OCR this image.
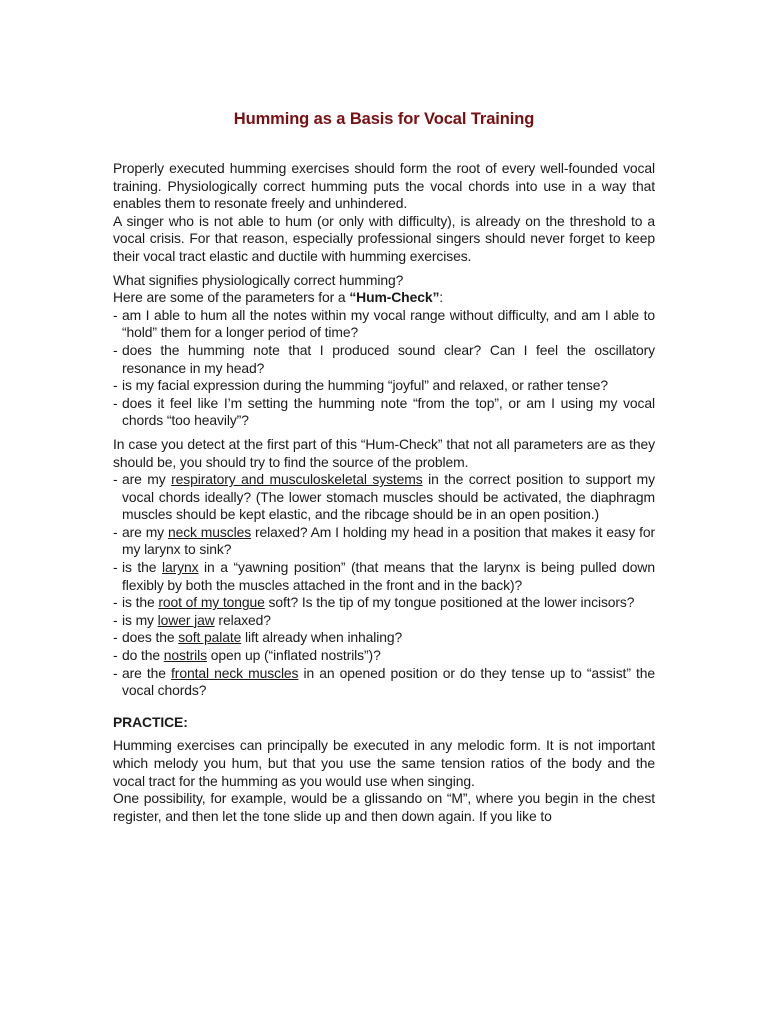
Humming as a Basis for Vocal Training

Properly executed humming exercises should form the root of every well-founded vocal training. Physiologically correct humming puts the vocal chords into use in a way that enables them to resonate freely and unhindered.

A singer who is not able to hum (or only with difficulty), is already on the threshold to a vocal crisis. For that reason, especially professional singers should never forget to keep their vocal tract elastic and ductile with humming exercises.

What signifies physiologically correct humming?

Here are some of the parameters for a “Hum-Check”:

- am I able to hum all the notes within my vocal range without difficulty, and am I able to “hold” them for a longer period of time?

- does the humming note that I produced sound clear? Can I feel the oscillatory resonance in my head?

- is my facial expression during the humming “joyful” and relaxed, or rather tense?

- does it feel like I’m setting the humming note “from the top”, or am I using my vocal chords “too heavily”?

In case you detect at the first part of this “Hum-Check” that not all parameters are as they should be, you should try to find the source of the problem.

- are my respiratory and musculoskeletal systems in the correct position to support my vocal chords ideally? (The lower stomach muscles should be activated, the diaphragm muscles should be kept elastic, and the ribcage should be in an open position.)

- are my neck muscles relaxed? Am I holding my head in a position that makes it easy for my larynx to sink?

- is the larynx in a “yawning position” (that means that the larynx is being pulled down flexibly by both the muscles attached in the front and in the back)?

- is the root of my tongue soft? Is the tip of my tongue positioned at the lower incisors?

- is my lower jaw relaxed?

- does the soft palate lift already when inhaling?

- do the nostrils open up (“inflated nostrils”)?

- are the frontal neck muscles in an opened position or do they tense up to “assist” the vocal chords?

PRACTICE:

Humming exercises can principally be executed in any melodic form. It is not important which melody you hum, but that you use the same tension ratios of the body and the vocal tract for the humming as you would use when singing.

One possibility, for example, would be a glissando on “M”, where you begin in the chest register, and then let the tone slide up and then down again. If you like to
